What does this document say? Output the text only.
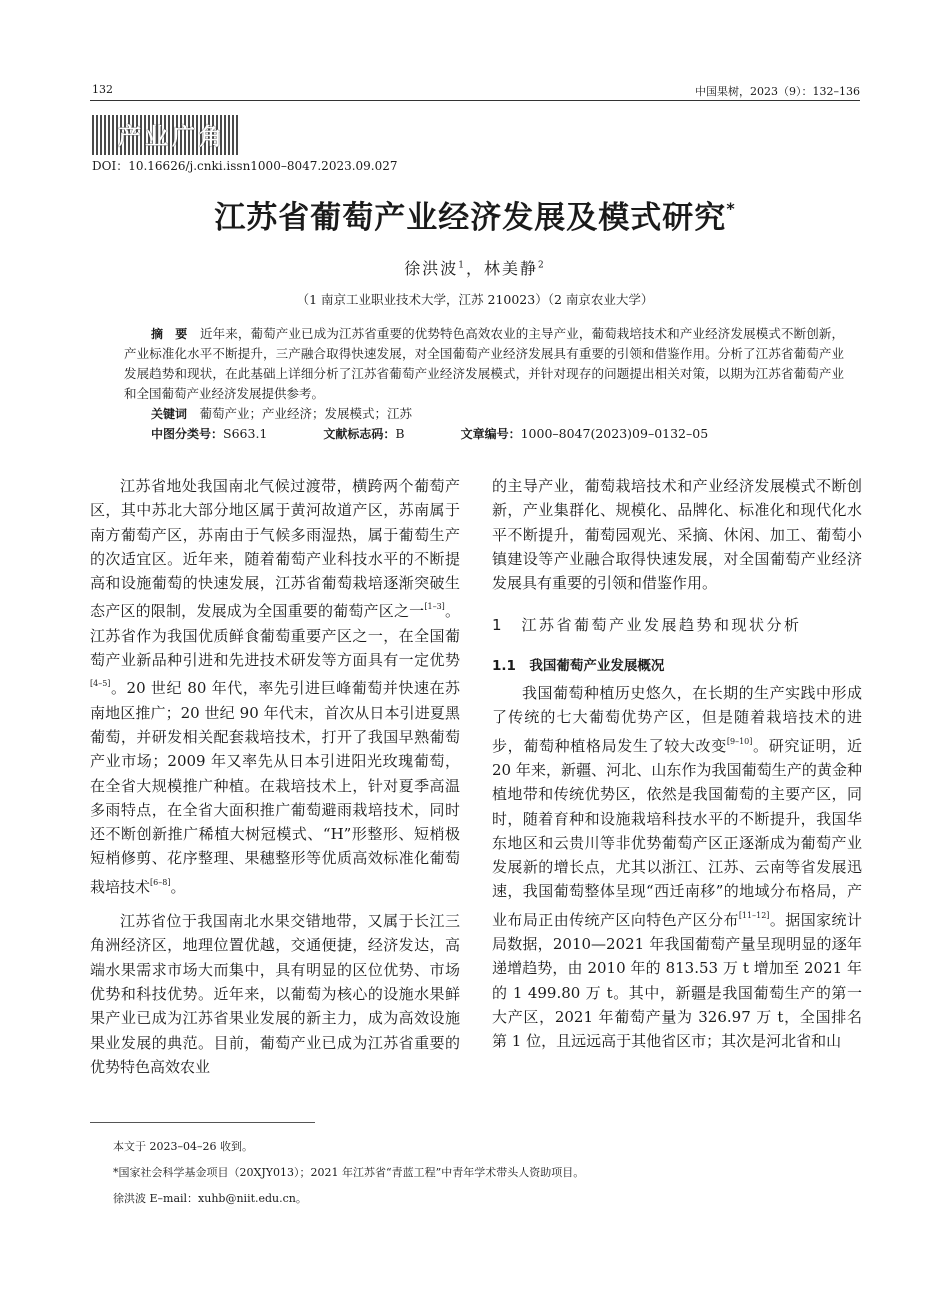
132	中国果树，2023（9）：132–136
产业广角
DOI：10.16626/j.cnki.issn1000–8047.2023.09.027
江苏省葡萄产业经济发展及模式研究*
徐洪波$^1$，林美静$^2$
（1 南京工业职业技术大学，江苏 210023）（2 南京农业大学）

摘　要　 近年来，葡萄产业已成为江苏省重要的优势特色高效农业的主导产业，葡萄栽培技术和产业经济发展模式不断创新，产业标准化水平不断提升，三产融合取得快速发展，对全国葡萄产业经济发展具有重要的引领和借鉴作用。分析了江苏省葡萄产业发展趋势和现状，在此基础上详细分析了江苏省葡萄产业经济发展模式，并针对现存的问题提出相关对策，以期为江苏省葡萄产业和全国葡萄产业经济发展提供参考。

关键词　 葡萄产业；产业经济；发展模式；江苏

中图分类号：S663.1	文献标志码：B	文章编号：1000–8047(2023)09–0132–05

江苏省地处我国南北气候过渡带，横跨两个葡萄产区，其中苏北大部分地区属于黄河故道产区，苏南属于南方葡萄产区，苏南由于气候多雨湿热，属于葡萄生产的次适宜区。近年来，随着葡萄产业科技水平的不断提高和设施葡萄的快速发展，江苏省葡萄栽培逐渐突破生态产区的限制，发展成为全国重要的葡萄产区之一[1–3]。江苏省作为我国优质鲜食葡萄重要产区之一，在全国葡萄产业新品种引进和先进技术研发等方面具有一定优势[4–5]。20 世纪 80 年代，率先引进巨峰葡萄并快速在苏南地区推广；20 世纪 90 年代末，首次从日本引进夏黑葡萄，并研发相关配套栽培技术，打开了我国早熟葡萄产业市场；2009 年又率先从日本引进阳光玫瑰葡萄，在全省大规模推广种植。在栽培技术上，针对夏季高温多雨特点，在全省大面积推广葡萄避雨栽培技术，同时还不断创新推广稀植大树冠模式、“H”形整形、短梢极短梢修剪、花序整理、果穗整形等优质高效标准化葡萄栽培技术[6–8]。

江苏省位于我国南北水果交错地带，又属于长江三角洲经济区，地理位置优越，交通便捷，经济发达，高端水果需求市场大而集中，具有明显的区位优势、市场优势和科技优势。近年来，以葡萄为核心的设施水果鲜果产业已成为江苏省果业发展的新主力，成为高效设施果业发展的典范。目前，葡萄产业已成为江苏省重要的优势特色高效农业

的主导产业，葡萄栽培技术和产业经济发展模式不断创新，产业集群化、规模化、品牌化、标准化和现代化水平不断提升，葡萄园观光、采摘、休闲、加工、葡萄小镇建设等产业融合取得快速发展，对全国葡萄产业经济发展具有重要的引领和借鉴作用。

1　江苏省葡萄产业发展趋势和现状分析
1.1　我国葡萄产业发展概况

我国葡萄种植历史悠久，在长期的生产实践中形成了传统的七大葡萄优势产区，但是随着栽培技术的进步，葡萄种植格局发生了较大改变[9–10]。研究证明，近 20 年来，新疆、河北、山东作为我国葡萄生产的黄金种植地带和传统优势区，依然是我国葡萄的主要产区，同时，随着育种和设施栽培科技水平的不断提升，我国华东地区和云贵川等非优势葡萄产区正逐渐成为葡萄产业发展新的增长点，尤其以浙江、江苏、云南等省发展迅速，我国葡萄整体呈现“西迁南移”的地域分布格局，产业布局正由传统产区向特色产区分布[11–12]。据国家统计局数据，2010—2021 年我国葡萄产量呈现明显的逐年递增趋势，由 2010 年的 813.53 万 t 增加至 2021 年的 1 499.80 万 t。其中，新疆是我国葡萄生产的第一大产区，2021 年葡萄产量为 326.97 万 t，全国排名第 1 位，且远远高于其他省区市；其次是河北省和山

本文于 2023–04–26 收到。
*国家社会科学基金项目（20XJY013）；2021 年江苏省“青蓝工程”中青年学术带头人资助项目。
徐洪波 E–mail：xuhb@niit.edu.cn。
